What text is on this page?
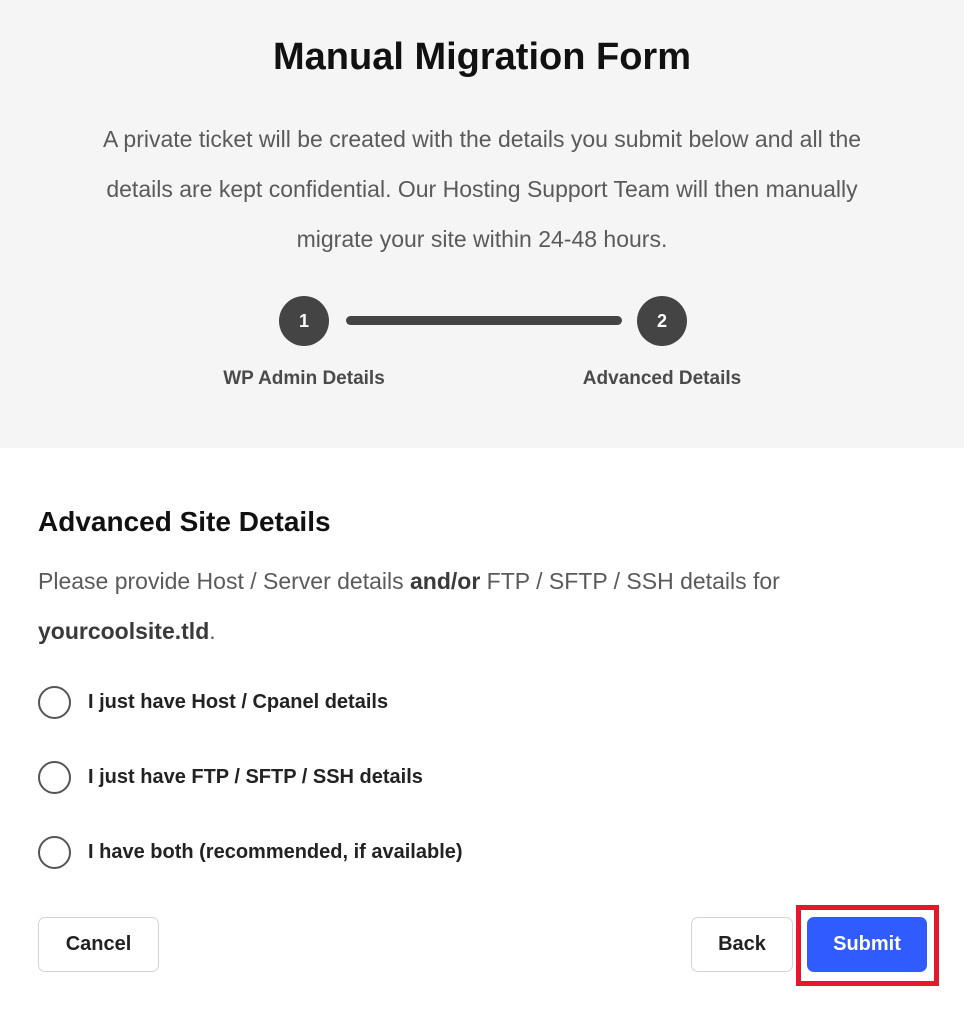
Manual Migration Form

A private ticket will be created with the details you submit below and all the details are kept confidential. Our Hosting Support Team will then manually migrate your site within 24-48 hours.

1	2
WP Admin Details	Advanced Details
Advanced Site Details

Please provide Host / Server details and/or FTP / SFTP / SSH details for yourcoolsite.tld.

I just have Host / Cpanel details
I just have FTP / SFTP / SSH details
I have both (recommended, if available)
Cancel	Back	Submit
